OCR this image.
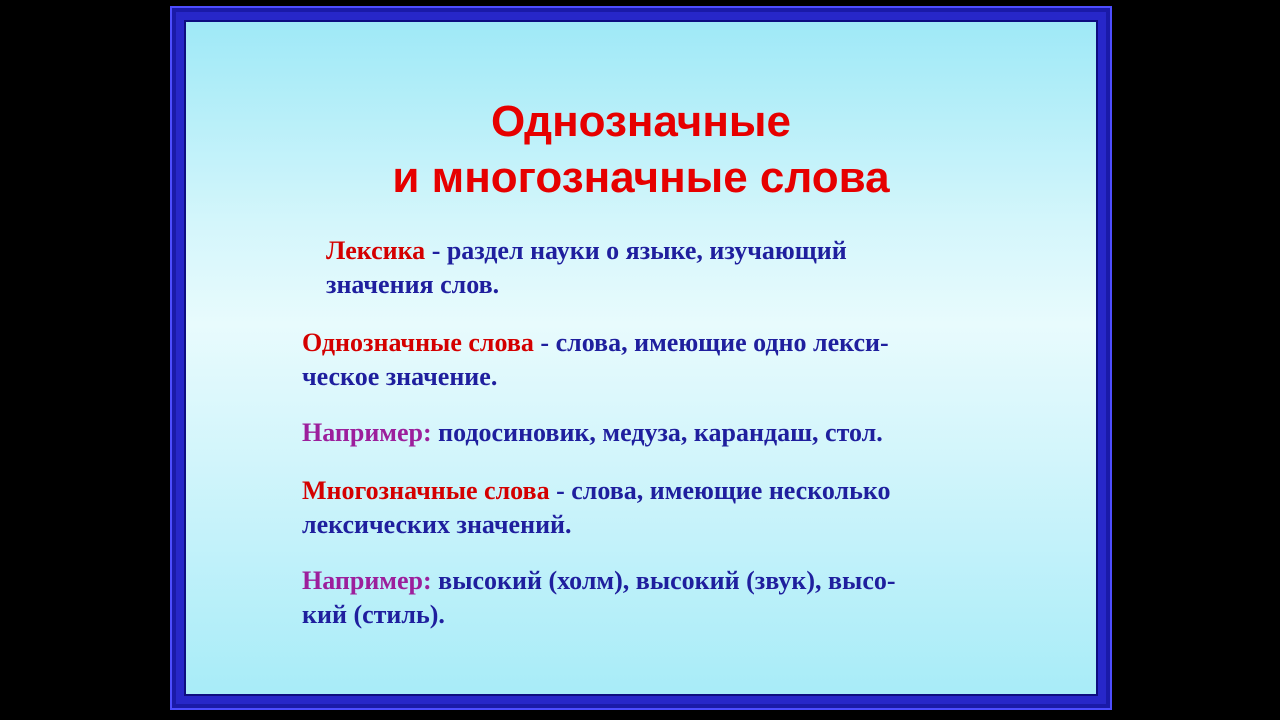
Однозначные
и многозначные слова
Лексика - раздел науки о языке, изучающий
значения слов.
Однозначные слова - слова, имеющие одно лекси-
ческое значение.
Например: подосиновик, медуза, карандаш, стол.
Многозначные слова - слова, имеющие несколько
лексических значений.
Например: высокий (холм), высокий (звук), высо-
кий (стиль).
